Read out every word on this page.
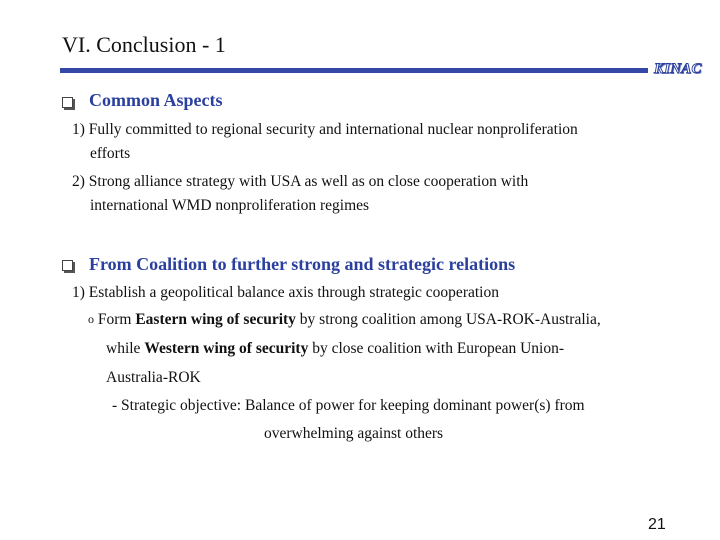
VI. Conclusion - 1
KINAC
Common Aspects
1) Fully committed to regional security and international nuclear nonproliferation
efforts
2) Strong alliance strategy with USA as well as on close cooperation with
international WMD nonproliferation regimes
From Coalition to further strong and strategic relations
1) Establish a geopolitical balance axis through strategic cooperation
o Form Eastern wing of security by strong coalition among USA-ROK-Australia,
while Western wing of security by close coalition with European Union-
Australia-ROK
- Strategic objective: Balance of power for keeping dominant power(s) from
overwhelming against others
21
